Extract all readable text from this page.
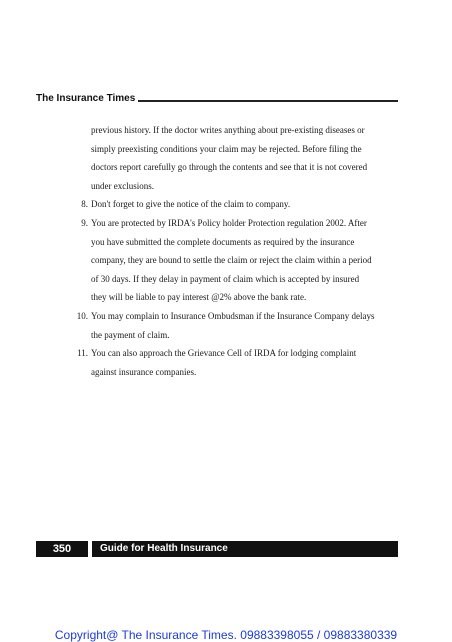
The Insurance Times

previous history. If the doctor writes anything about pre-existing diseases or simply preexisting conditions your claim may be rejected. Before filing the doctors report carefully go through the contents and see that it is not covered under exclusions.

8. Don't forget to give the notice of the claim to company.
9. You are protected by IRDA's Policy holder Protection regulation 2002. After you have submitted the complete documents as required by the insurance company, they are bound to settle the claim or reject the claim within a period of 30 days. If they delay in payment of claim which is accepted by insured they will be liable to pay interest @2% above the bank rate.
10. You may complain to Insurance Ombudsman if the Insurance Company delays the payment of claim.
11. You can also approach the Grievance Cell of IRDA for lodging complaint against insurance companies.
350	Guide for Health Insurance
Copyright@ The Insurance Times. 09883398055 / 09883380339
